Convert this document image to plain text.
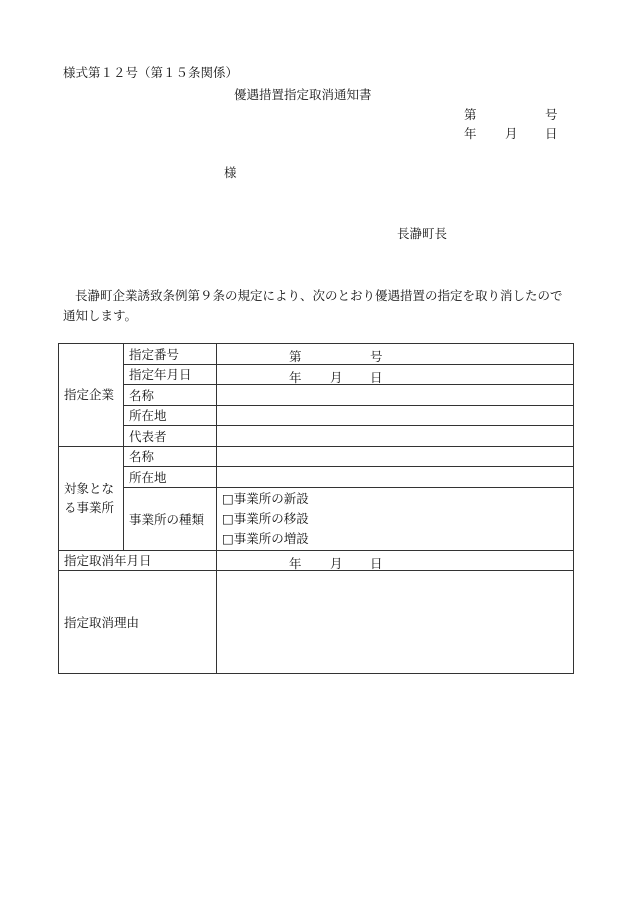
様式第１２号（第１５条関係）
優遇措置指定取消通知書
第	号
年 月 日
様
長瀞町長

長瀞町企業誘致条例第９条の規定により、次のとおり優遇措置の指定を取り消したので通知します。

指定企業	指定番号	第 号

	指定年月日	年 月 日

	名称	
	所在地	
	代表者	
対象となる事業所	名称	
	所在地	
	事業所の種類	□事業所の新設
□事業所の移設
□事業所の増設

指定取消年月日		年 月 日

指定取消理由		
